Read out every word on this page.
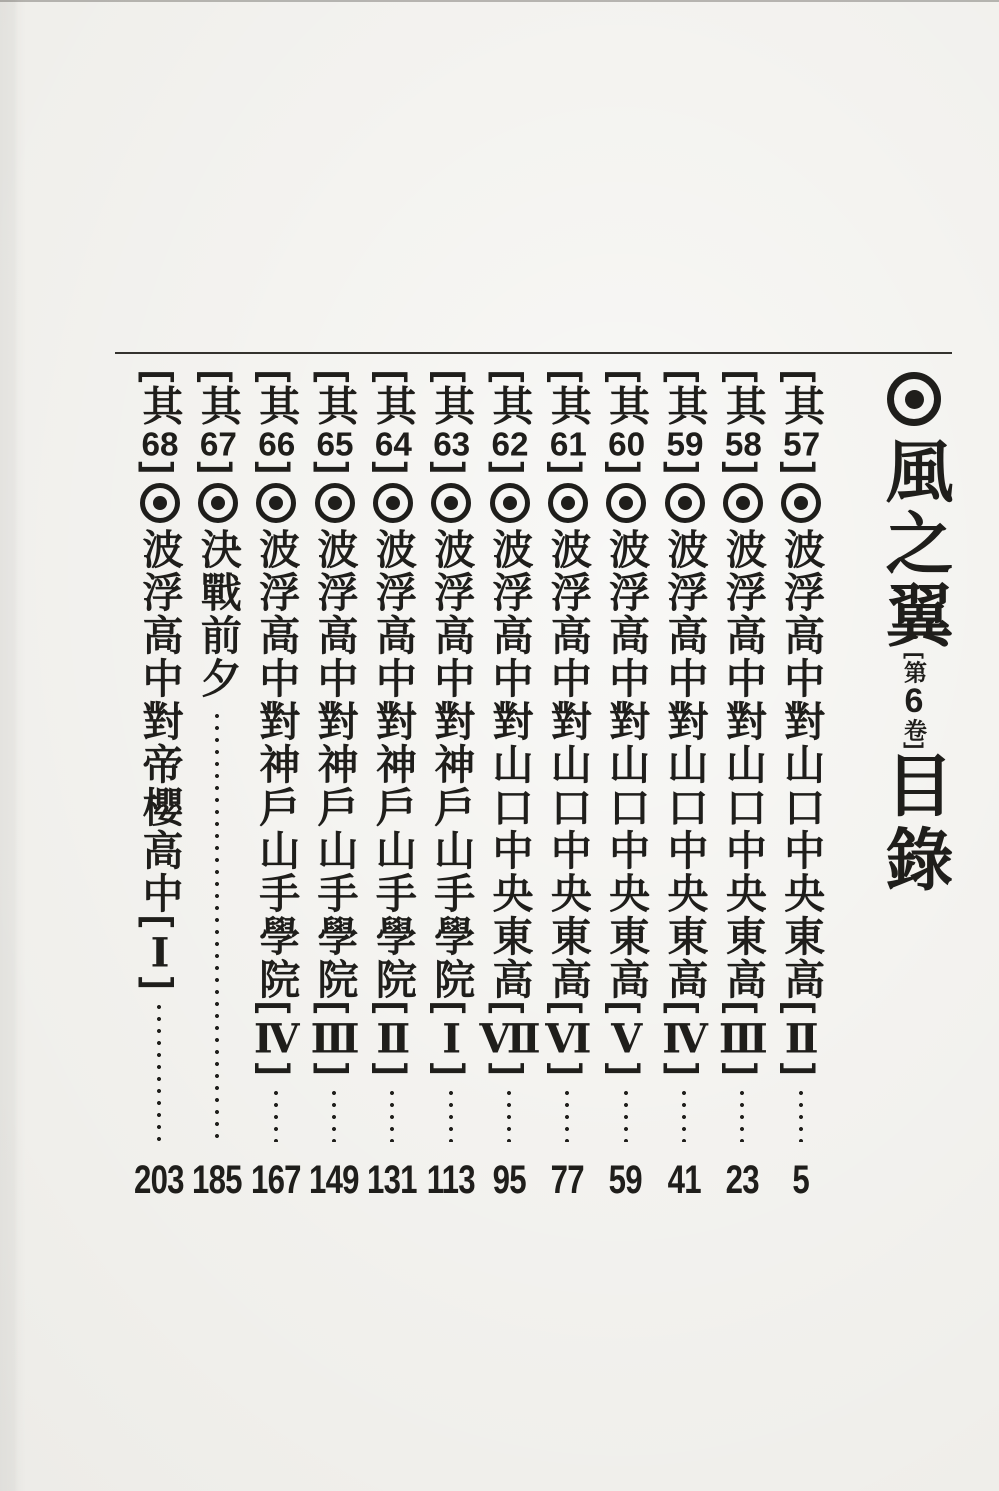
風之翼[第6卷]目錄
[其57]波浮高中對山口中央東高[Ⅱ]
5
[其58]波浮高中對山口中央東高[Ⅲ]
23
[其59]波浮高中對山口中央東高[Ⅳ]
41
[其60]波浮高中對山口中央東高[Ⅴ]
59
[其61]波浮高中對山口中央東高[Ⅵ]
77
[其62]波浮高中對山口中央東高[Ⅶ]
95
[其63]波浮高中對神戶山手學院[Ⅰ]
113
[其64]波浮高中對神戶山手學院[Ⅱ]
131
[其65]波浮高中對神戶山手學院[Ⅲ]
149
[其66]波浮高中對神戶山手學院[Ⅳ]
167
[其67]決戰前夕
185
[其68]波浮高中對帝櫻高中[Ⅰ]
203
